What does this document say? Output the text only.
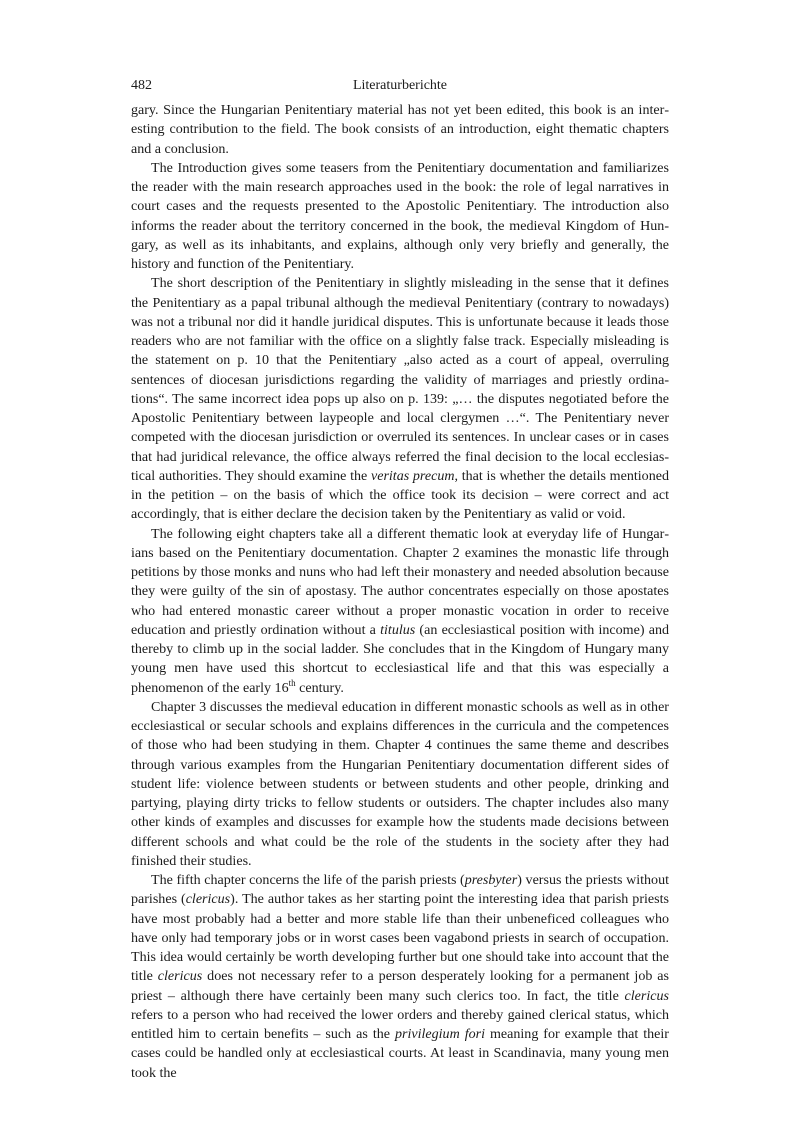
482	Literaturberichte

gary. Since the Hungarian Penitentiary material has not yet been edited, this book is an interesting contribution to the field. The book consists of an introduction, eight thematic chapters and a conclusion.

The Introduction gives some teasers from the Penitentiary documentation and familiarizes the reader with the main research approaches used in the book: the role of legal narratives in court cases and the requests presented to the Apostolic Penitentiary. The introduction also informs the reader about the territory concerned in the book, the medieval Kingdom of Hungary, as well as its inhabitants, and explains, although only very briefly and generally, the history and function of the Penitentiary.

The short description of the Penitentiary in slightly misleading in the sense that it defines the Penitentiary as a papal tribunal although the medieval Penitentiary (contrary to nowadays) was not a tribunal nor did it handle juridical disputes. This is unfortunate because it leads those readers who are not familiar with the office on a slightly false track. Especially misleading is the statement on p. 10 that the Penitentiary „also acted as a court of appeal, overruling sentences of diocesan jurisdictions regarding the validity of marriages and priestly ordinations“. The same incorrect idea pops up also on p. 139: „… the disputes negotiated before the Apostolic Penitentiary between laypeople and local clergymen …“. The Penitentiary never competed with the diocesan jurisdiction or overruled its sentences. In unclear cases or in cases that had juridical relevance, the office always referred the final decision to the local ecclesiastical authorities. They should examine the veritas precum, that is whether the details mentioned in the petition – on the basis of which the office took its decision – were correct and act accordingly, that is either declare the decision taken by the Penitentiary as valid or void.

The following eight chapters take all a different thematic look at everyday life of Hungarians based on the Penitentiary documentation. Chapter 2 examines the monastic life through petitions by those monks and nuns who had left their monastery and needed absolution because they were guilty of the sin of apostasy. The author concentrates especially on those apostates who had entered monastic career without a proper monastic vocation in order to receive education and priestly ordination without a titulus (an ecclesiastical position with income) and thereby to climb up in the social ladder. She concludes that in the Kingdom of Hungary many young men have used this shortcut to ecclesiastical life and that this was especially a phenomenon of the early 16th century.

Chapter 3 discusses the medieval education in different monastic schools as well as in other ecclesiastical or secular schools and explains differences in the curricula and the competences of those who had been studying in them. Chapter 4 continues the same theme and describes through various examples from the Hungarian Penitentiary documentation different sides of student life: violence between students or between students and other people, drinking and partying, playing dirty tricks to fellow students or outsiders. The chapter includes also many other kinds of examples and discusses for example how the students made decisions between different schools and what could be the role of the students in the society after they had finished their studies.

The fifth chapter concerns the life of the parish priests (presbyter) versus the priests without parishes (clericus). The author takes as her starting point the interesting idea that parish priests have most probably had a better and more stable life than their unbeneficed colleagues who have only had temporary jobs or in worst cases been vagabond priests in search of occupation. This idea would certainly be worth developing further but one should take into account that the title clericus does not necessary refer to a person desperately looking for a permanent job as priest – although there have certainly been many such clerics too. In fact, the title clericus refers to a person who had received the lower orders and thereby gained clerical status, which entitled him to certain benefits – such as the privilegium fori meaning for example that their cases could be handled only at ecclesiastical courts. At least in Scandinavia, many young men took the
